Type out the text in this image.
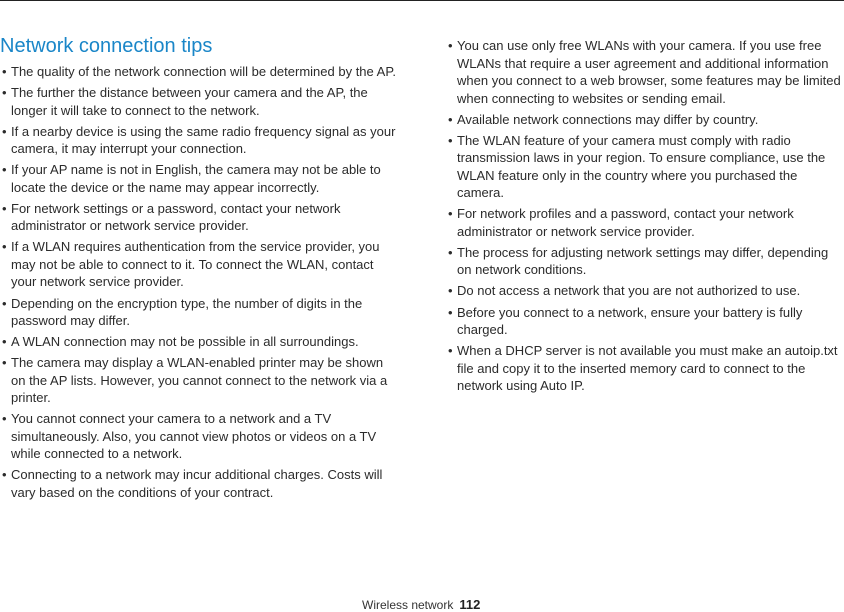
Network connection tips
• The quality of the network connection will be determined by the AP.
• The further the distance between your camera and the AP, the longer it will take to connect to the network.
• If a nearby device is using the same radio frequency signal as your camera, it may interrupt your connection.
• If your AP name is not in English, the camera may not be able to locate the device or the name may appear incorrectly.
• For network settings or a password, contact your network administrator or network service provider.
• If a WLAN requires authentication from the service provider, you may not be able to connect to it. To connect the WLAN, contact your network service provider.
• Depending on the encryption type, the number of digits in the password may differ.
• A WLAN connection may not be possible in all surroundings.
• The camera may display a WLAN-enabled printer may be shown on the AP lists. However, you cannot connect to the network via a printer.
• You cannot connect your camera to a network and a TV simultaneously. Also, you cannot view photos or videos on a TV while connected to a network.
• Connecting to a network may incur additional charges. Costs will vary based on the conditions of your contract.
• You can use only free WLANs with your camera. If you use free WLANs that require a user agreement and additional information when you connect to a web browser, some features may be limited when connecting to websites or sending email.
• Available network connections may differ by country.
• The WLAN feature of your camera must comply with radio transmission laws in your region. To ensure compliance, use the WLAN feature only in the country where you purchased the camera.
• For network profiles and a password, contact your network administrator or network service provider.
• The process for adjusting network settings may differ, depending on network conditions.
• Do not access a network that you are not authorized to use.
• Before you connect to a network, ensure your battery is fully charged.
• When a DHCP server is not available you must make an autoip.txt file and copy it to the inserted memory card to connect to the network using Auto IP.
Wireless network 112
